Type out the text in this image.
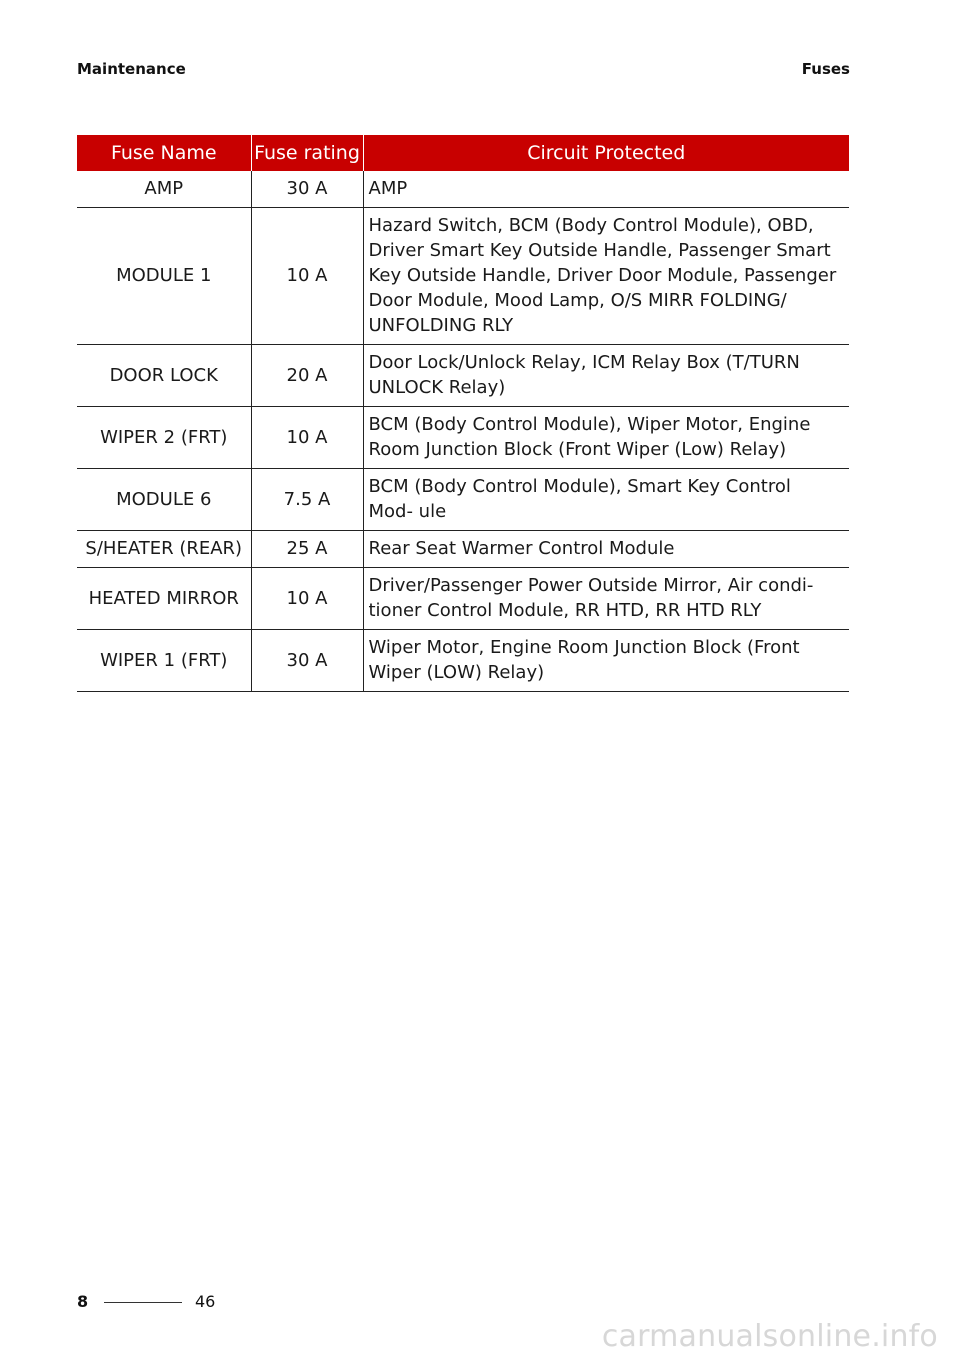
Maintenance	Fuses
Fuse Name	Fuse rating	Circuit Protected
AMP	30 A	AMP
MODULE 1	10 A	Hazard Switch, BCM (Body Control Module), OBD, Driver Smart Key Outside Handle, Passenger Smart Key Outside Handle, Driver Door Module, Passenger Door Module, Mood Lamp, O/S MIRR FOLDING/ UNFOLDING RLY
DOOR LOCK	20 A	Door Lock/Unlock Relay, ICM Relay Box (T/TURN UNLOCK Relay)
WIPER 2 (FRT)	10 A	BCM (Body Control Module), Wiper Motor, Engine Room Junction Block (Front Wiper (Low) Relay)
MODULE 6	7.5 A	BCM (Body Control Module), Smart Key Control Mod- ule
S/HEATER (REAR)	25 A	Rear Seat Warmer Control Module
HEATED MIRROR	10 A	Driver/Passenger Power Outside Mirror, Air condi- tioner Control Module, RR HTD, RR HTD RLY
WIPER 1 (FRT)	30 A	Wiper Motor, Engine Room Junction Block (Front Wiper (LOW) Relay)
8	46
carmanualsonline.info
